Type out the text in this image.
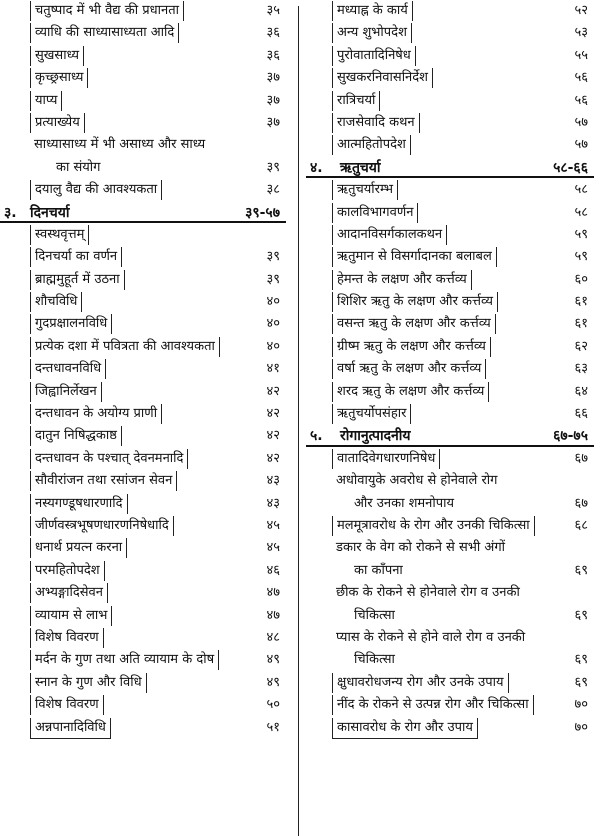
चतुष्पाद में भी वैद्य की प्रधानता	३५
व्याधि की साध्यासाध्यता आदि	३६
सुखसाध्य	३६
कृच्छ्रसाध्य	३७
याप्य	३७
प्रत्याख्येय	३७
साध्यासाध्य में भी असाध्य और साध्य
का संयोग	३९
दयालु वैद्य की आवश्यकता	३८
३. दिनचर्या	३९-५७
स्वस्थवृत्तम्
दिनचर्या का वर्णन	३९
ब्राह्ममुहूर्त में उठना	३९
शौचविधि	४०
गुदप्रक्षालनविधि	४०
प्रत्येक दशा में पवित्रता की आवश्यकता	४०
दन्तधावनविधि	४१
जिह्वानिर्लेखन	४२
दन्तधावन के अयोग्य प्राणी	४२
दातुन निषिद्धकाष्ठ	४२
दन्तधावन के पश्चात् देवनमनादि	४२
सौवीरांजन तथा रसांजन सेवन	४३
नस्यगण्डूषधारणादि	४३
जीर्णवस्त्रभूषणधारणनिषेधादि	४५
धनार्थ प्रयत्न करना	४५
परमहितोपदेश	४६
अभ्यङ्गादिसेवन	४७
व्यायाम से लाभ	४७
विशेष विवरण	४८
मर्दन के गुण तथा अति व्यायाम के दोष	४९
स्नान के गुण और विधि	४९
विशेष विवरण	५०
अन्नपानादिविधि	५१
मध्याह्न के कार्य	५२
अन्य शुभोपदेश	५३
पुरोवातादिनिषेध	५५
सुखकरनिवासनिर्देश	५६
रात्रिचर्या	५६
राजसेवादि कथन	५७
आत्महितोपदेश	५७
४. ऋतुचर्या	५८-६६
ऋतुचर्यारम्भ	५८
कालविभागवर्णन	५८
आदानविसर्गकालकथन	५९
ऋतुमान से विसर्गादानका बलाबल	५९
हेमन्त के लक्षण और कर्त्तव्य	६०
शिशिर ऋतु के लक्षण और कर्त्तव्य	६१
वसन्त ऋतु के लक्षण और कर्त्तव्य	६१
ग्रीष्म ऋतु के लक्षण और कर्त्तव्य	६२
वर्षा ऋतु के लक्षण और कर्त्तव्य	६३
शरद ऋतु के लक्षण और कर्त्तव्य	६४
ऋतुचर्योपसंहार	६६
५. रोगानुत्पादनीय	६७-७५
वातादिवेगधारणनिषेध	६७
अधोवायुके अवरोध से होनेवाले रोग
और उनका शमनोपाय	६७
मलमूत्रावरोध के रोग और उनकी चिकित्सा	६८
डकार के वेग को रोकने से सभी अंगों
का काँपना	६९
छीक के रोकने से होनेवाले रोग व उनकी
चिकित्सा	६९
प्यास के रोकने से होने वाले रोग व उनकी
चिकित्सा	६९
क्षुधावरोधजन्य रोग और उनके उपाय	६९
नींद के रोकने से उत्पन्न रोग और चिकित्सा	७०
कासावरोध के रोग और उपाय	७०
